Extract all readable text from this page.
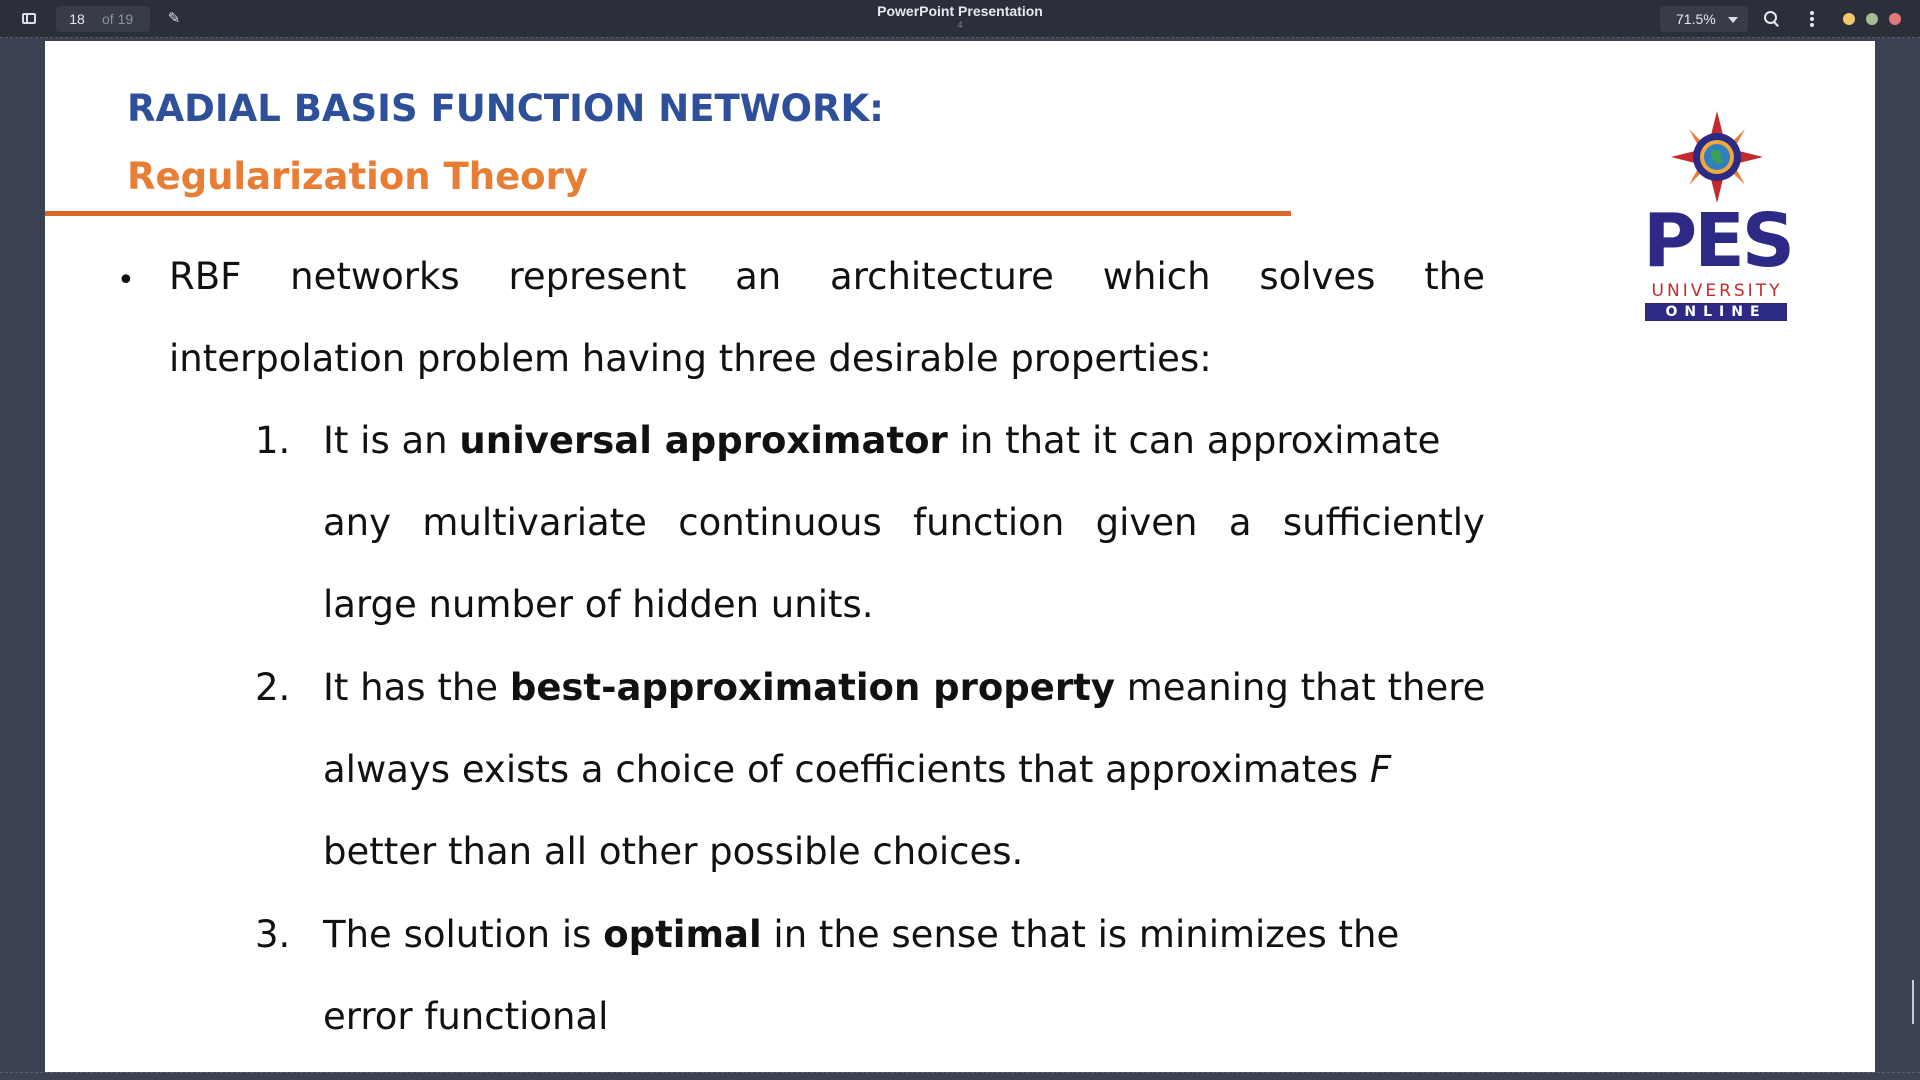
18	of 19 ✎	PowerPoint Presentation
4	71.5%
RADIAL BASIS FUNCTION NETWORK:
Regularization Theory
PES
UNIVERSITY
ONLINE
• RBF networks represent an architecture which solves the
interpolation problem having three desirable properties:
1. It is an universal approximator in that it can approximate
any multivariate continuous function given a sufficiently
large number of hidden units.
2. It has the best-approximation property meaning that there
always exists a choice of coefficients that approximates F
better than all other possible choices.
3. The solution is optimal in the sense that is minimizes the
error functional
